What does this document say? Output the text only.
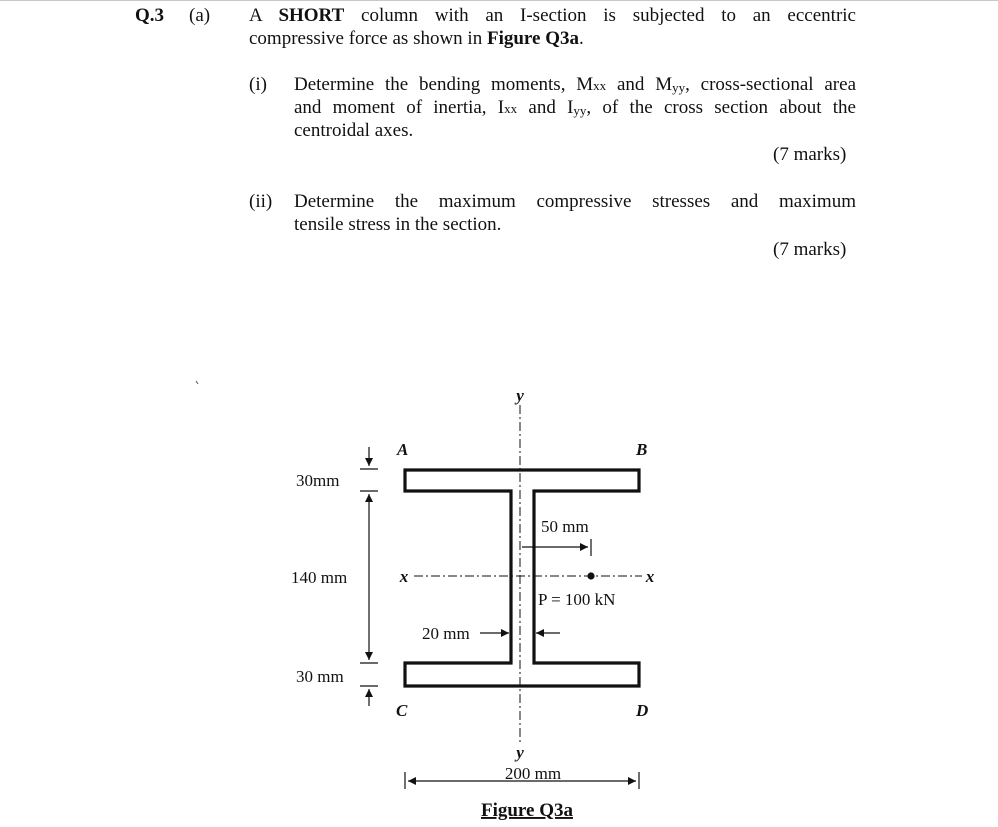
Q.3 (a) A SHORT column with an I-section is subjected to an eccentric
compressive force as shown in Figure Q3a.
(i) Determine the bending moments, Mxx and Myy, cross-sectional area
and moment of inertia, Ixx and Iyy, of the cross section about the
centroidal axes.
(7 marks)
(ii) Determine the maximum compressive stresses and maximum
tensile stress in the section.
(7 marks)
y
y
x	x
A	B
C	D
30mm
140 mm
30 mm
50 mm
P = 100 kN
20 mm
200 mm
Figure Q3a
